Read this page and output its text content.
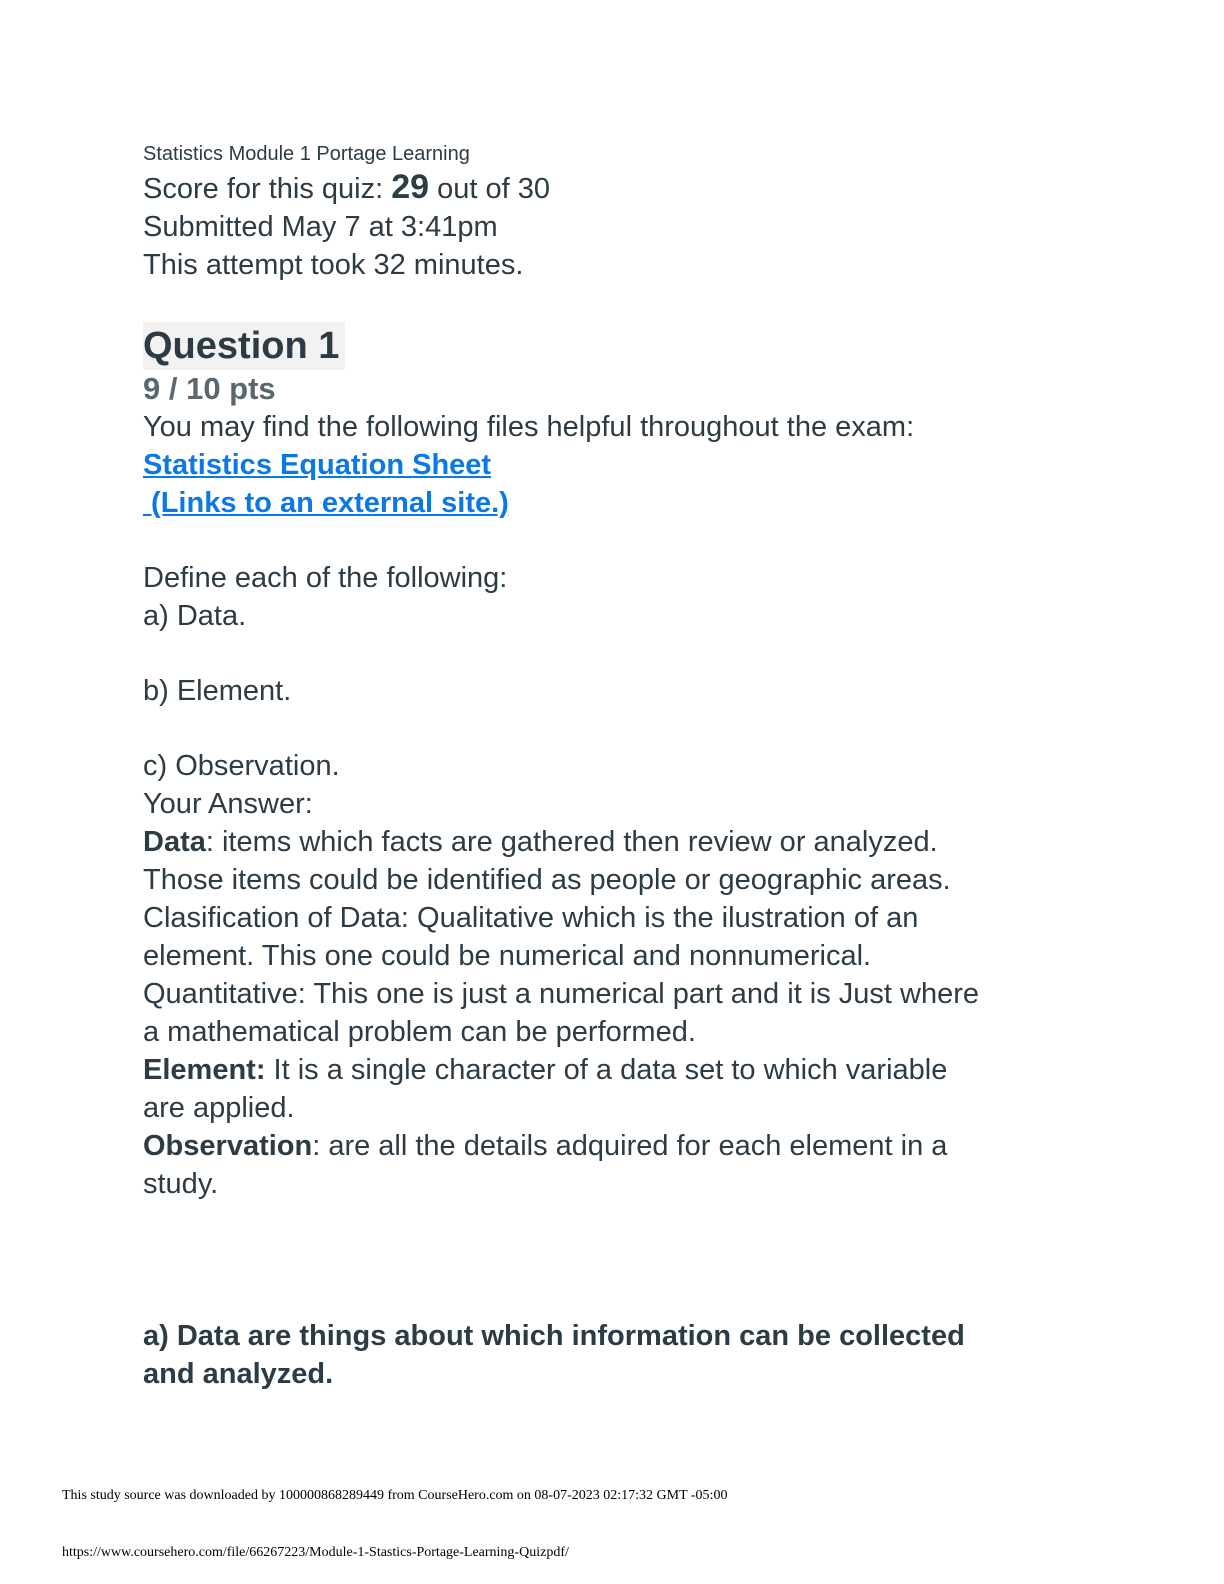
Statistics Module 1 Portage Learning

Score for this quiz: 29 out of 30

Submitted May 7 at 3:41pm

This attempt took 32 minutes.

Question 1

9 / 10 pts

You may find the following files helpful throughout the exam:

Statistics Equation Sheet
(Links to an external site.)

Define each of the following:

a) Data.

b) Element.

c) Observation.

Your Answer:

Data: items which facts are gathered then review or analyzed.

Those items could be identified as people or geographic areas.

Clasification of Data: Qualitative which is the ilustration of an

element. This one could be numerical and nonnumerical.

Quantitative: This one is just a numerical part and it is Just where

a mathematical problem can be performed.

Element: It is a single character of a data set to which variable

are applied.

Observation: are all the details adquired for each element in a

study.

a) Data are things about which information can be collected
and analyzed.
This study source was downloaded by 100000868289449 from CourseHero.com on 08-07-2023 02:17:32 GMT -05:00
https://www.coursehero.com/file/66267223/Module-1-Stastics-Portage-Learning-Quizpdf/
